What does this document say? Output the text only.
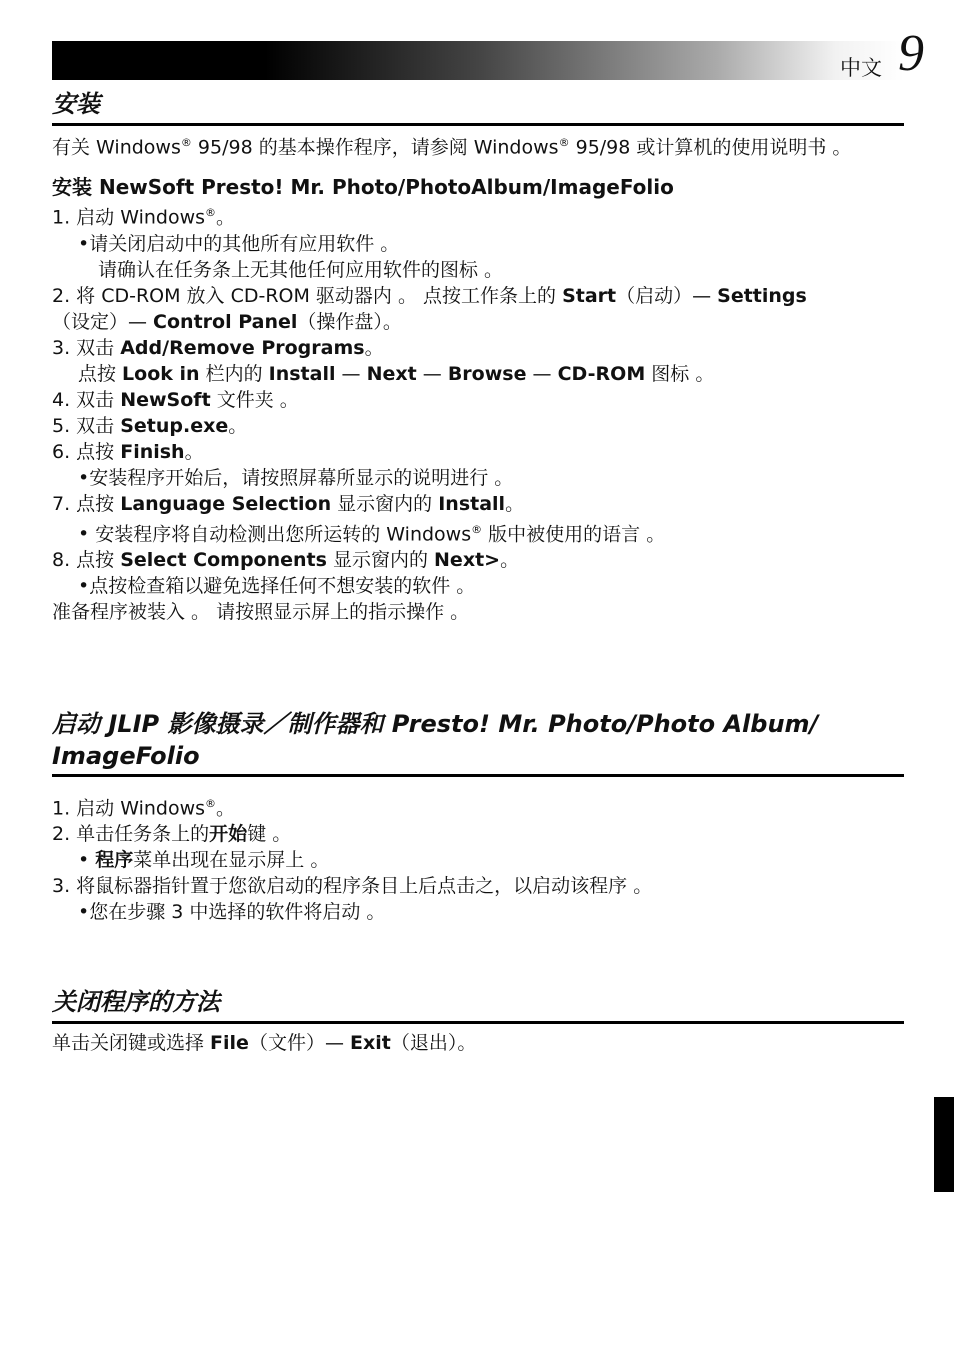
中文 9
安装
有关 Windows® 95/98 的基本操作程序，请参阅 Windows® 95/98 或计算机的使用说明书 。
安装 NewSoft Presto! Mr. Photo/PhotoAlbum/ImageFolio
1. 启动 Windows®。
• 请关闭启动中的其他所有应用软件 。
请确认在任务条上无其他任何应用软件的图标 。
2. 将 CD-ROM 放入 CD-ROM 驱动器内 。 点按工作条上的 Start（启动）— Settings
（设定）— Control Panel（操作盘）。
3. 双击 Add/Remove Programs。
点按 Look in 栏内的 Install — Next — Browse — CD-ROM 图标 。
4. 双击 NewSoft 文件夹 。
5. 双击 Setup.exe。
6. 点按 Finish。
• 安装程序开始后，请按照屏幕所显示的说明进行 。
7. 点按 Language Selection 显示窗内的 Install。
• 安装程序将自动检测出您所运转的 Windows® 版中被使用的语言 。
8. 点按 Select Components 显示窗内的 Next>。
• 点按检查箱以避免选择任何不想安装的软件 。
准备程序被装入 。 请按照显示屏上的指示操作 。
启动 JLIP 影像摄录／制作器和 Presto! Mr. Photo/Photo Album/
ImageFolio
1. 启动 Windows®。
2. 单击任务条上的开始键 。
• 程序菜单出现在显示屏上 。
3. 将鼠标器指针置于您欲启动的程序条目上后点击之，以启动该程序 。
• 您在步骤 3 中选择的软件将启动 。
关闭程序的方法
单击关闭键或选择 File（文件）— Exit（退出）。
